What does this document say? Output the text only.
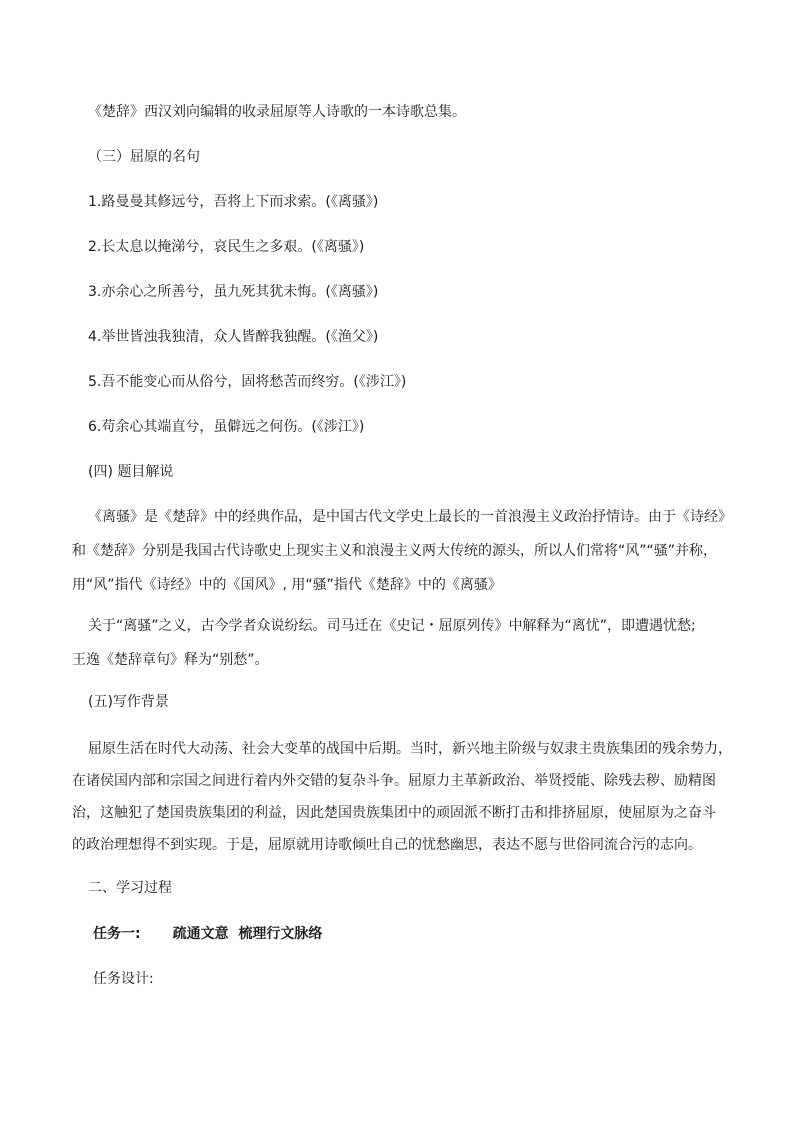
《楚辞》西汉刘向编辑的收录屈原等人诗歌的一本诗歌总集。
（三）屈原的名句
1.路曼曼其修远兮，吾将上下而求索。(《离骚》)
2.长太息以掩涕兮，哀民生之多艰。(《离骚》)
3.亦余心之所善兮，虽九死其犹未悔。(《离骚》)
4.举世皆浊我独清，众人皆醉我独醒。(《渔父》)
5.吾不能变心而从俗兮，固将愁苦而终穷。(《涉江》)
6.苟余心其端直兮，虽僻远之何伤。(《涉江》)
(四) 题目解说
《离骚》是《楚辞》中的经典作品，是中国古代文学史上最长的一首浪漫主义政治抒情诗。由于《诗经》
和《楚辞》分别是我国古代诗歌史上现实主义和浪漫主义两大传统的源头，所以人们常将“风”“骚”并称，
用“风”指代《诗经》中的《国风》, 用“骚”指代《楚辞》中的《离骚》
关于“离骚”之义，古今学者众说纷纭。司马迁在《史记・屈原列传》中解释为“离忧”，即遭遇忧愁;
王逸《楚辞章句》释为“别愁”。
(五)写作背景
屈原生活在时代大动荡、社会大变革的战国中后期。当时，新兴地主阶级与奴隶主贵族集团的残余势力，
在诸侯国内部和宗国之间进行着内外交错的复杂斗争。屈原力主革新政治、举贤授能、除残去秽、励精图
治，这触犯了楚国贵族集团的利益，因此楚国贵族集团中的顽固派不断打击和排挤屈原，使屈原为之奋斗
的政治理想得不到实现。于是，屈原就用诗歌倾吐自己的忧愁幽思，表达不愿与世俗同流合污的志向。
二、学习过程
任务一: 疏通文意  梳理行文脉络
任务设计:
